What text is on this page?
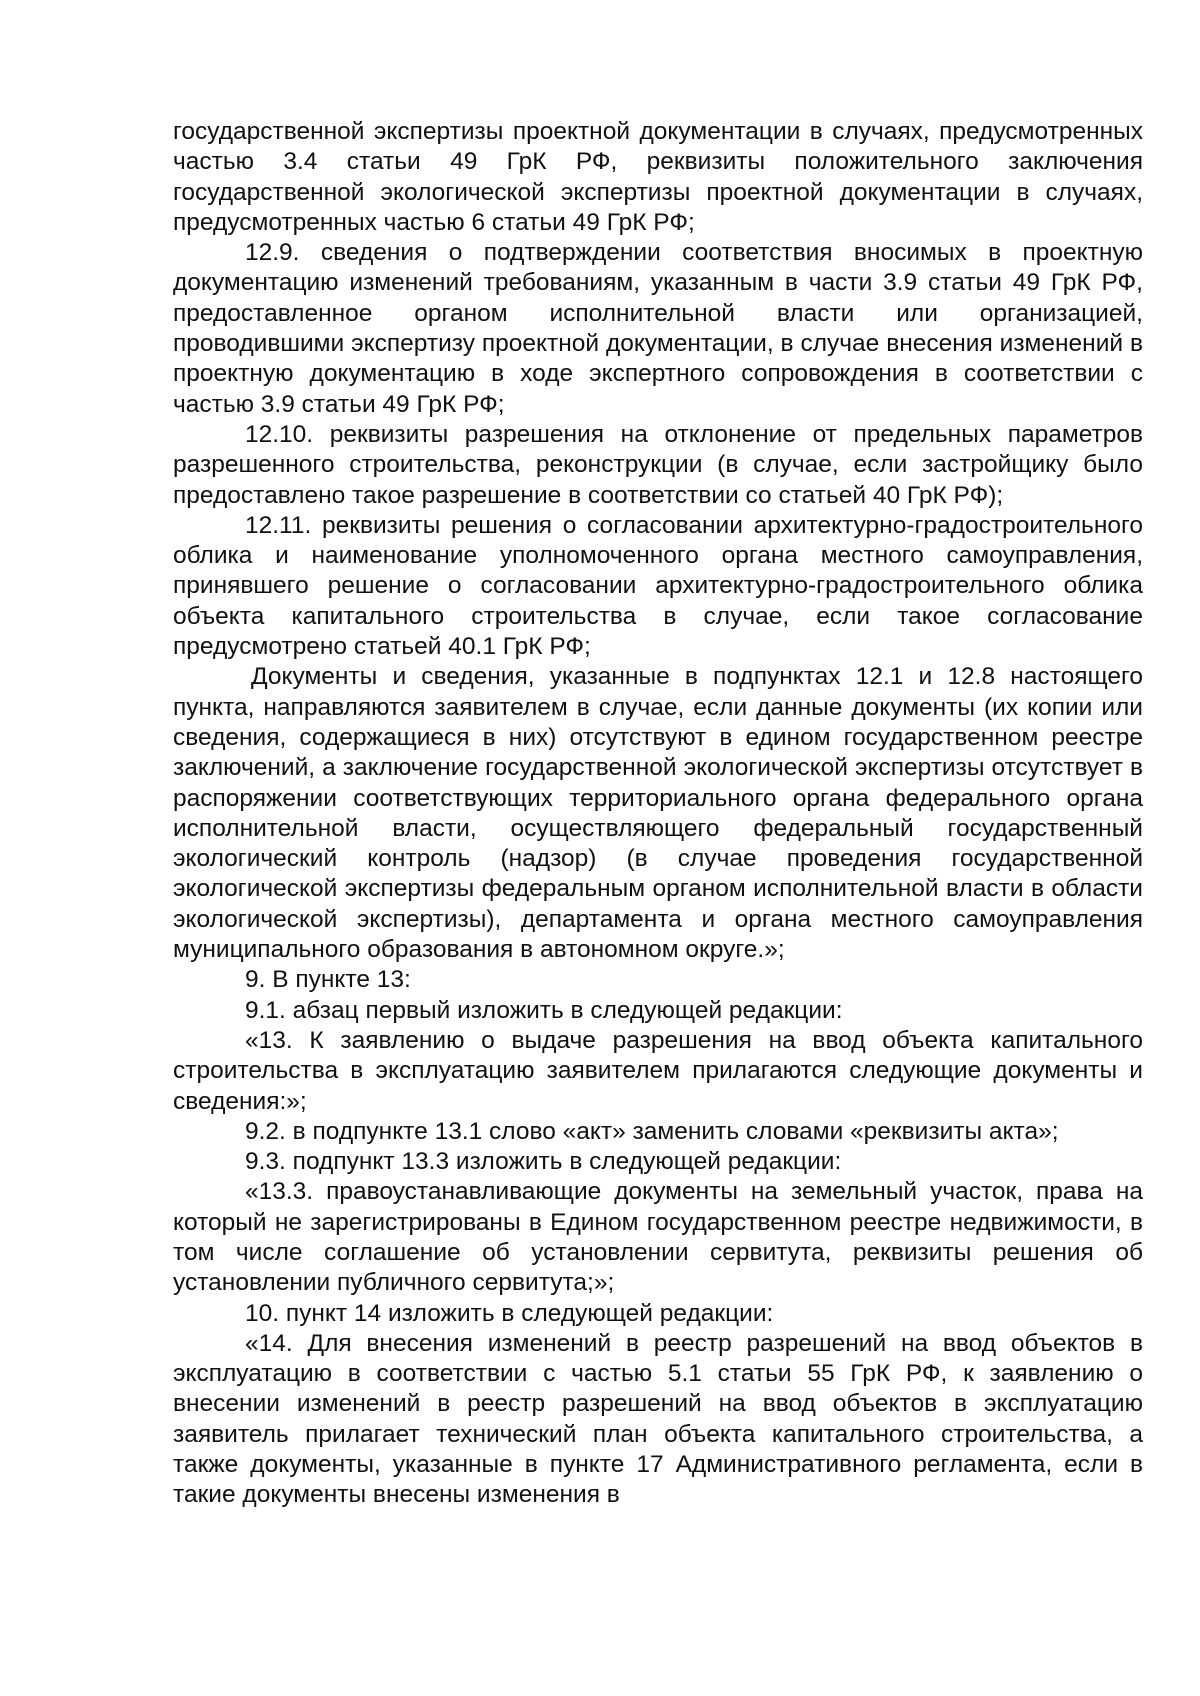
государственной экспертизы проектной документации в случаях, предусмотренных частью 3.4 статьи 49 ГрК РФ, реквизиты положительного заключения государственной экологической экспертизы проектной документации в случаях, предусмотренных частью 6 статьи 49 ГрК РФ;

12.9. сведения о подтверждении соответствия вносимых в проектную документацию изменений требованиям, указанным в части 3.9 статьи 49 ГрК РФ, предоставленное органом исполнительной власти или организацией, проводившими экспертизу проектной документации, в случае внесения изменений в проектную документацию в ходе экспертного сопровождения в соответствии с частью 3.9 статьи 49 ГрК РФ;

12.10. реквизиты разрешения на отклонение от предельных параметров разрешенного строительства, реконструкции (в случае, если застройщику было предоставлено такое разрешение в соответствии со статьей 40 ГрК РФ);

12.11. реквизиты решения о согласовании архитектурно-градостроительного облика и наименование уполномоченного органа местного самоуправления, принявшего решение о согласовании архитектурно-градостроительного облика объекта капитального строительства в случае, если такое согласование предусмотрено статьей 40.1 ГрК РФ;

Документы и сведения, указанные в подпунктах 12.1 и 12.8 настоящего пункта, направляются заявителем в случае, если данные документы (их копии или сведения, содержащиеся в них) отсутствуют в едином государственном реестре заключений, а заключение государственной экологической экспертизы отсутствует в распоряжении соответствующих территориального органа федерального органа исполнительной власти, осуществляющего федеральный государственный экологический контроль (надзор) (в случае проведения государственной экологической экспертизы федеральным органом исполнительной власти в области экологической экспертизы), департамента и органа местного самоуправления муниципального образования в автономном округе.»;

9. В пункте 13:

9.1. абзац первый изложить в следующей редакции:

«13. К заявлению о выдаче разрешения на ввод объекта капитального строительства в эксплуатацию заявителем прилагаются следующие документы и сведения:»;

9.2. в подпункте 13.1 слово «акт» заменить словами «реквизиты акта»;

9.3. подпункт 13.3 изложить в следующей редакции:

«13.3. правоустанавливающие документы на земельный участок, права на который не зарегистрированы в Едином государственном реестре недвижимости, в том числе соглашение об установлении сервитута, реквизиты решения об установлении публичного сервитута;»;

10. пункт 14 изложить в следующей редакции:

«14. Для внесения изменений в реестр разрешений на ввод объектов в эксплуатацию в соответствии с частью 5.1 статьи 55 ГрК РФ, к заявлению о внесении изменений в реестр разрешений на ввод объектов в эксплуатацию заявитель прилагает технический план объекта капитального строительства, а также документы, указанные в пункте 17 Административного регламента, если в такие документы внесены изменения в
